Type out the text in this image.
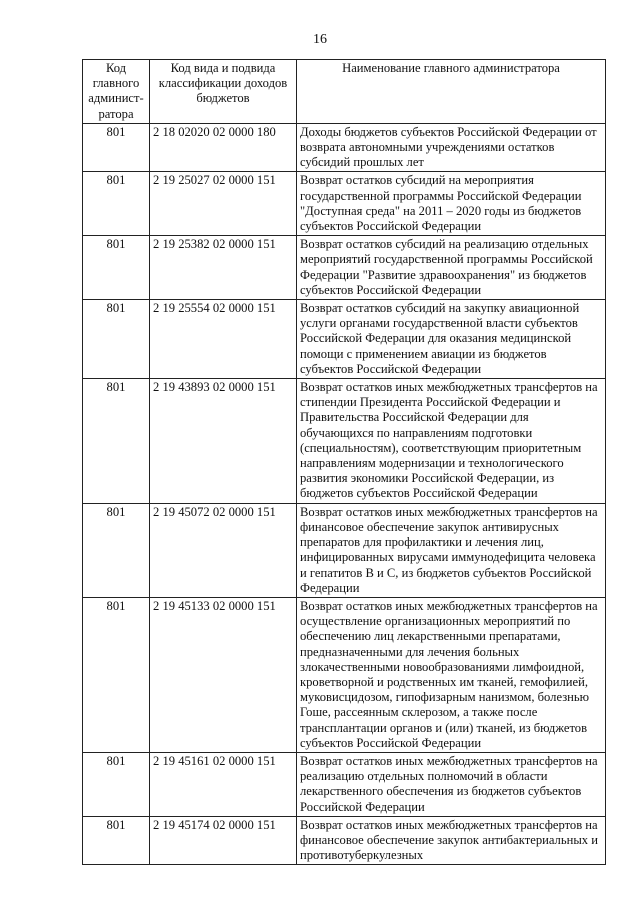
16
Код главного админист-ратора	Код вида и подвида классификации доходов бюджетов	Наименование главного администратора
801	2 18 02020 02 0000 180	Доходы бюджетов субъектов Российской Федерации от возврата автономными учреждениями остатков субсидий прошлых лет
801	2 19 25027 02 0000 151	Возврат остатков субсидий на мероприятия государственной программы Российской Федерации "Доступная среда" на 2011 – 2020 годы из бюджетов субъектов Российской Федерации
801	2 19 25382 02 0000 151	Возврат остатков субсидий на реализацию отдельных мероприятий государственной программы Российской Федерации "Развитие здравоохранения" из бюджетов субъектов Российской Федерации
801	2 19 25554 02 0000 151	Возврат остатков субсидий на закупку авиационной услуги органами государственной власти субъектов Российской Федерации для оказания медицинской помощи с применением авиации из бюджетов субъектов Российской Федерации
801	2 19 43893 02 0000 151	Возврат остатков иных межбюджетных трансфертов на стипендии Президента Российской Федерации и Правительства Российской Федерации для обучающихся по направлениям подготовки (специальностям), соответствующим приоритетным направлениям модернизации и технологического развития экономики Российской Федерации, из бюджетов субъектов Российской Федерации
801	2 19 45072 02 0000 151	Возврат остатков иных межбюджетных трансфертов на финансовое обеспечение закупок антивирусных препаратов для профилактики и лечения лиц, инфицированных вирусами иммунодефицита человека и гепатитов В и С, из бюджетов субъектов Российской Федерации
801	2 19 45133 02 0000 151	Возврат остатков иных межбюджетных трансфертов на осуществление организационных мероприятий по обеспечению лиц лекарственными препаратами, предназначенными для лечения больных злокачественными новообразованиями лимфоидной, кроветворной и родственных им тканей, гемофилией, муковисцидозом, гипофизарным нанизмом, болезнью Гоше, рассеянным склерозом, а также после трансплантации органов и (или) тканей, из бюджетов субъектов Российской Федерации
801	2 19 45161 02 0000 151	Возврат остатков иных межбюджетных трансфертов на реализацию отдельных полномочий в области лекарственного обеспечения из бюджетов субъектов Российской Федерации
801	2 19 45174 02 0000 151	Возврат остатков иных межбюджетных трансфертов на финансовое обеспечение закупок антибактериальных и противотуберкулезных
